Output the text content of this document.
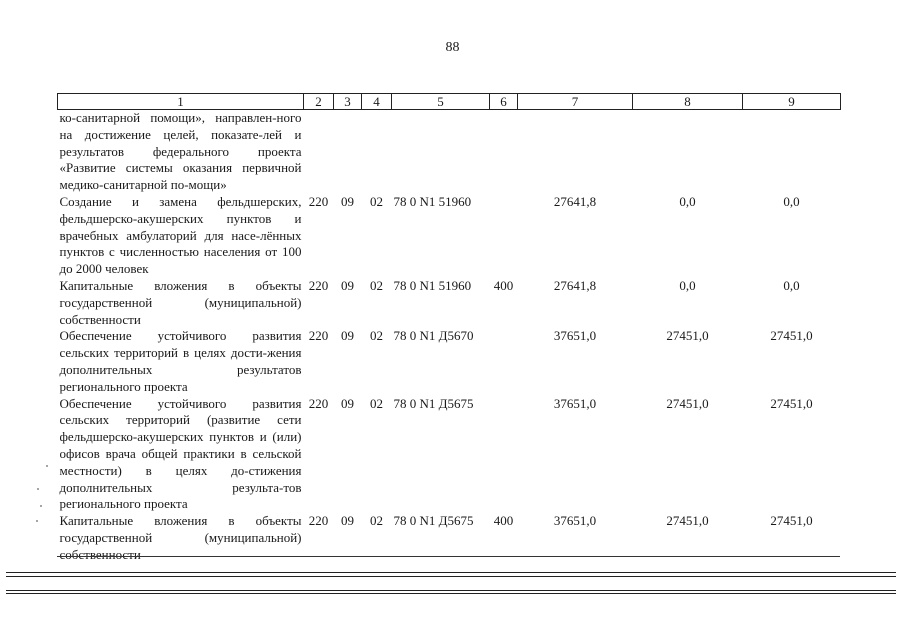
88
1	2	3	4	5	6	7	8	9
ко-санитарной помощи», направлен-ного на достижение целей, показате-лей и результатов федерального проекта «Развитие системы оказания первичной медико-санитарной по-мощи»								
Создание и замена фельдшерских, фельдшерско-акушерских пунктов и врачебных амбулаторий для насе-лённых пунктов с численностью населения от 100 до 2000 человек	220	09	02	78 0 N1 51960		27641,8	0,0	0,0
Капитальные вложения в объекты государственной (муниципальной) собственности	220	09	02	78 0 N1 51960	400	27641,8	0,0	0,0
Обеспечение устойчивого развития сельских территорий в целях дости-жения дополнительных результатов регионального проекта	220	09	02	78 0 N1 Д5670		37651,0	27451,0	27451,0
Обеспечение устойчивого развития сельских территорий (развитие сети фельдшерско-акушерских пунктов и (или) офисов врача общей практики в сельской местности) в целях до-стижения дополнительных результа-тов регионального проекта	220	09	02	78 0 N1 Д5675		37651,0	27451,0	27451,0
Капитальные вложения в объекты государственной (муниципальной) собственности	220	09	02	78 0 N1 Д5675	400	37651,0	27451,0	27451,0
